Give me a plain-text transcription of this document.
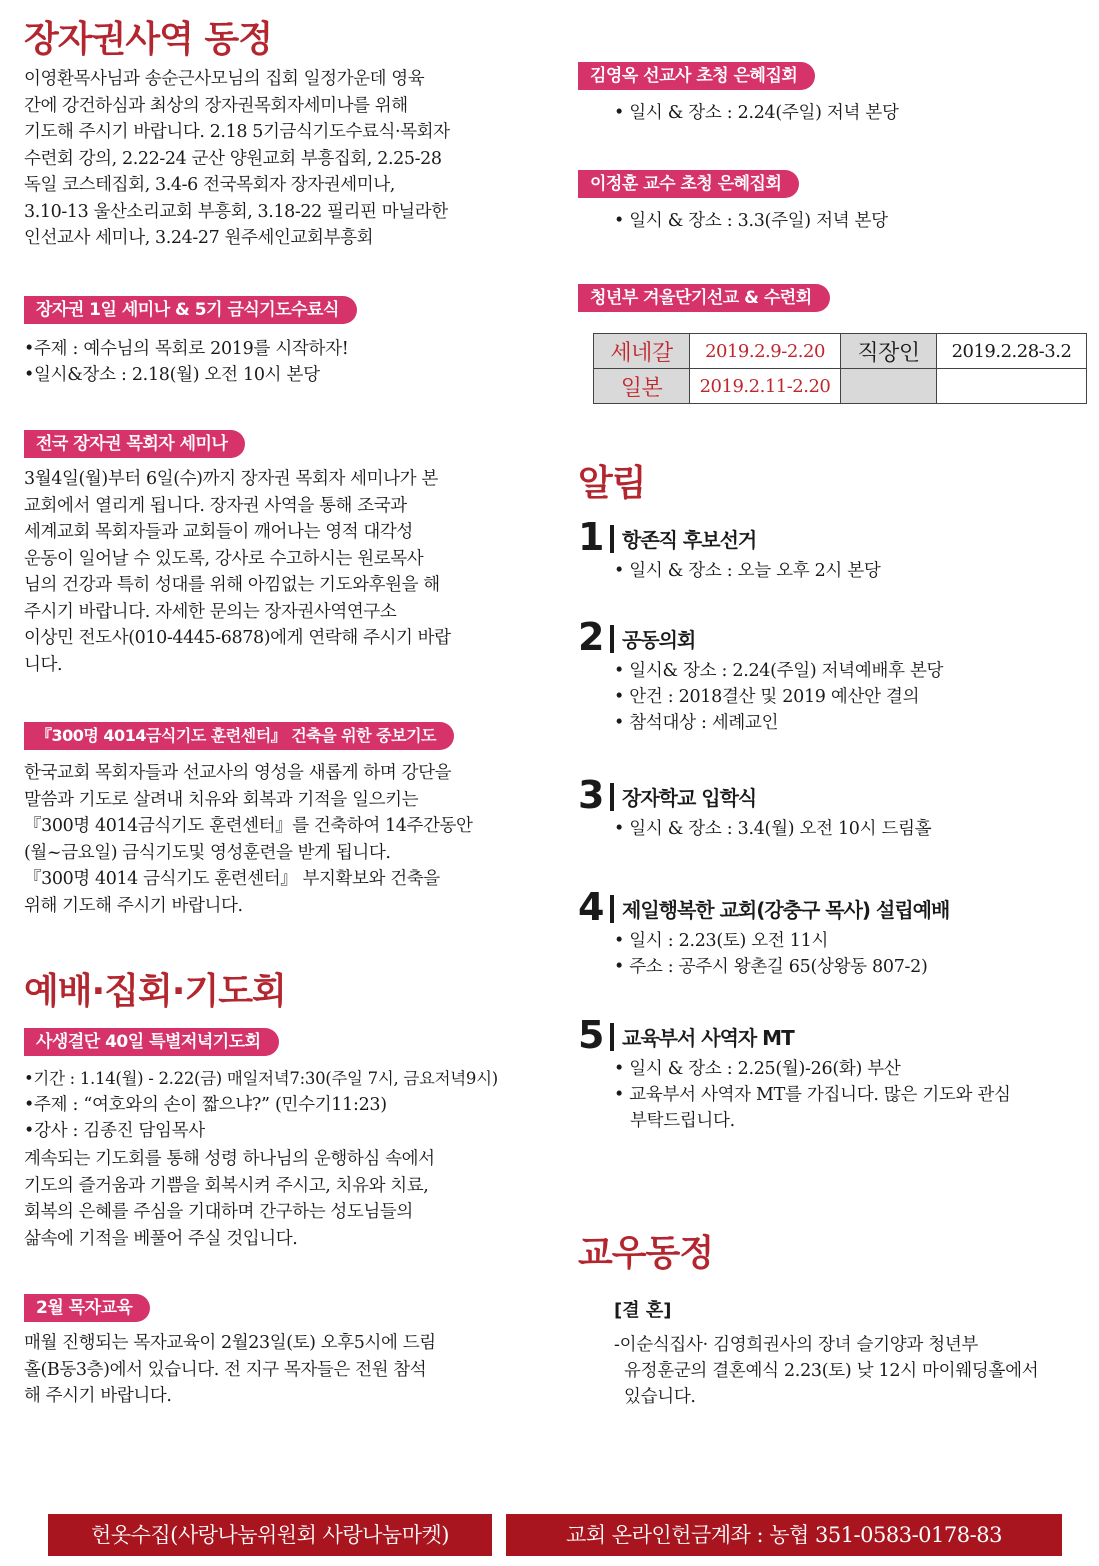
장자권사역 동정
이영환목사님과 송순근사모님의 집회 일정가운데 영육
간에 강건하심과 최상의 장자권목회자세미나를 위해
기도해 주시기 바랍니다. 2.18 5기금식기도수료식·목회자
수련회 강의, 2.22-24 군산 양원교회 부흥집회, 2.25-28
독일 코스테집회, 3.4-6 전국목회자 장자권세미나,
3.10-13 울산소리교회 부흥회, 3.18-22 필리핀 마닐라한
인선교사 세미나, 3.24-27 원주세인교회부흥회
장자권 1일 세미나 & 5기 금식기도수료식
•주제 : 예수님의 목회로 2019를 시작하자!
•일시&장소 : 2.18(월) 오전 10시 본당
전국 장자권 목회자 세미나
3월4일(월)부터 6일(수)까지 장자권 목회자 세미나가 본
교회에서 열리게 됩니다. 장자권 사역을 통해 조국과
세계교회 목회자들과 교회들이 깨어나는 영적 대각성
운동이 일어날 수 있도록, 강사로 수고하시는 원로목사
님의 건강과 특히 성대를 위해 아낌없는 기도와후원을 해
주시기 바랍니다. 자세한 문의는 장자권사역연구소
이상민 전도사(010-4445-6878)에게 연락해 주시기 바랍
니다.
『300명 4014금식기도 훈련센터』 건축을 위한 중보기도
한국교회 목회자들과 선교사의 영성을 새롭게 하며 강단을
말씀과 기도로 살려내 치유와 회복과 기적을 일으키는
『300명 4014금식기도 훈련센터』를 건축하여 14주간동안
(월~금요일) 금식기도및 영성훈련을 받게 됩니다.
『300명 4014 금식기도 훈련센터』 부지확보와 건축을
위해 기도해 주시기 바랍니다.
예배·집회·기도회
사생결단 40일 특별저녁기도회
•기간 : 1.14(월) - 2.22(금) 매일저녁7:30(주일 7시, 금요저녁9시)
•주제 : “여호와의 손이 짧으냐?” (민수기11:23)
•강사 : 김종진 담임목사
계속되는 기도회를 통해 성령 하나님의 운행하심 속에서
기도의 즐거움과 기쁨을 회복시켜 주시고, 치유와 치료,
회복의 은혜를 주심을 기대하며 간구하는 성도님들의
삶속에 기적을 베풀어 주실 것입니다.
2월 목자교육
매월 진행되는 목자교육이 2월23일(토) 오후5시에 드림
홀(B동3층)에서 있습니다. 전 지구 목자들은 전원 참석
해 주시기 바랍니다.
김영옥 선교사 초청 은혜집회
• 일시 & 장소 : 2.24(주일) 저녁 본당
이정훈 교수 초청 은혜집회
• 일시 & 장소 : 3.3(주일) 저녁 본당
청년부 겨울단기선교 & 수련회
세네갈	2019.2.9-2.20	직장인	2019.2.28-3.2
일본	2019.2.11-2.20		
알림
1 항존직 후보선거
• 일시 & 장소 : 오늘 오후 2시 본당
2공동의회
• 일시& 장소 : 2.24(주일) 저녁예배후 본당
• 안건 : 2018결산 및 2019 예산안 결의
• 참석대상 : 세례교인
3 장자학교 입학식
• 일시 & 장소 : 3.4(월) 오전 10시 드림홀
4 제일행복한 교회(강충구 목사) 설립예배
• 일시 : 2.23(토) 오전 11시
• 주소 : 공주시 왕촌길 65(상왕동 807-2)
5 교육부서 사역자 MT
• 일시 & 장소 : 2.25(월)-26(화) 부산
• 교육부서 사역자 MT를 가집니다. 많은 기도와 관심
부탁드립니다.
교우동정
[결 혼]
-이순식집사· 김영희권사의 장녀 슬기양과 청년부
유정훈군의 결혼예식 2.23(토) 낮 12시 마이웨딩홀에서
있습니다.
헌옷수집(사랑나눔위원회 사랑나눔마켓)	교회 온라인헌금계좌 : 농협 351-0583-0178-83
